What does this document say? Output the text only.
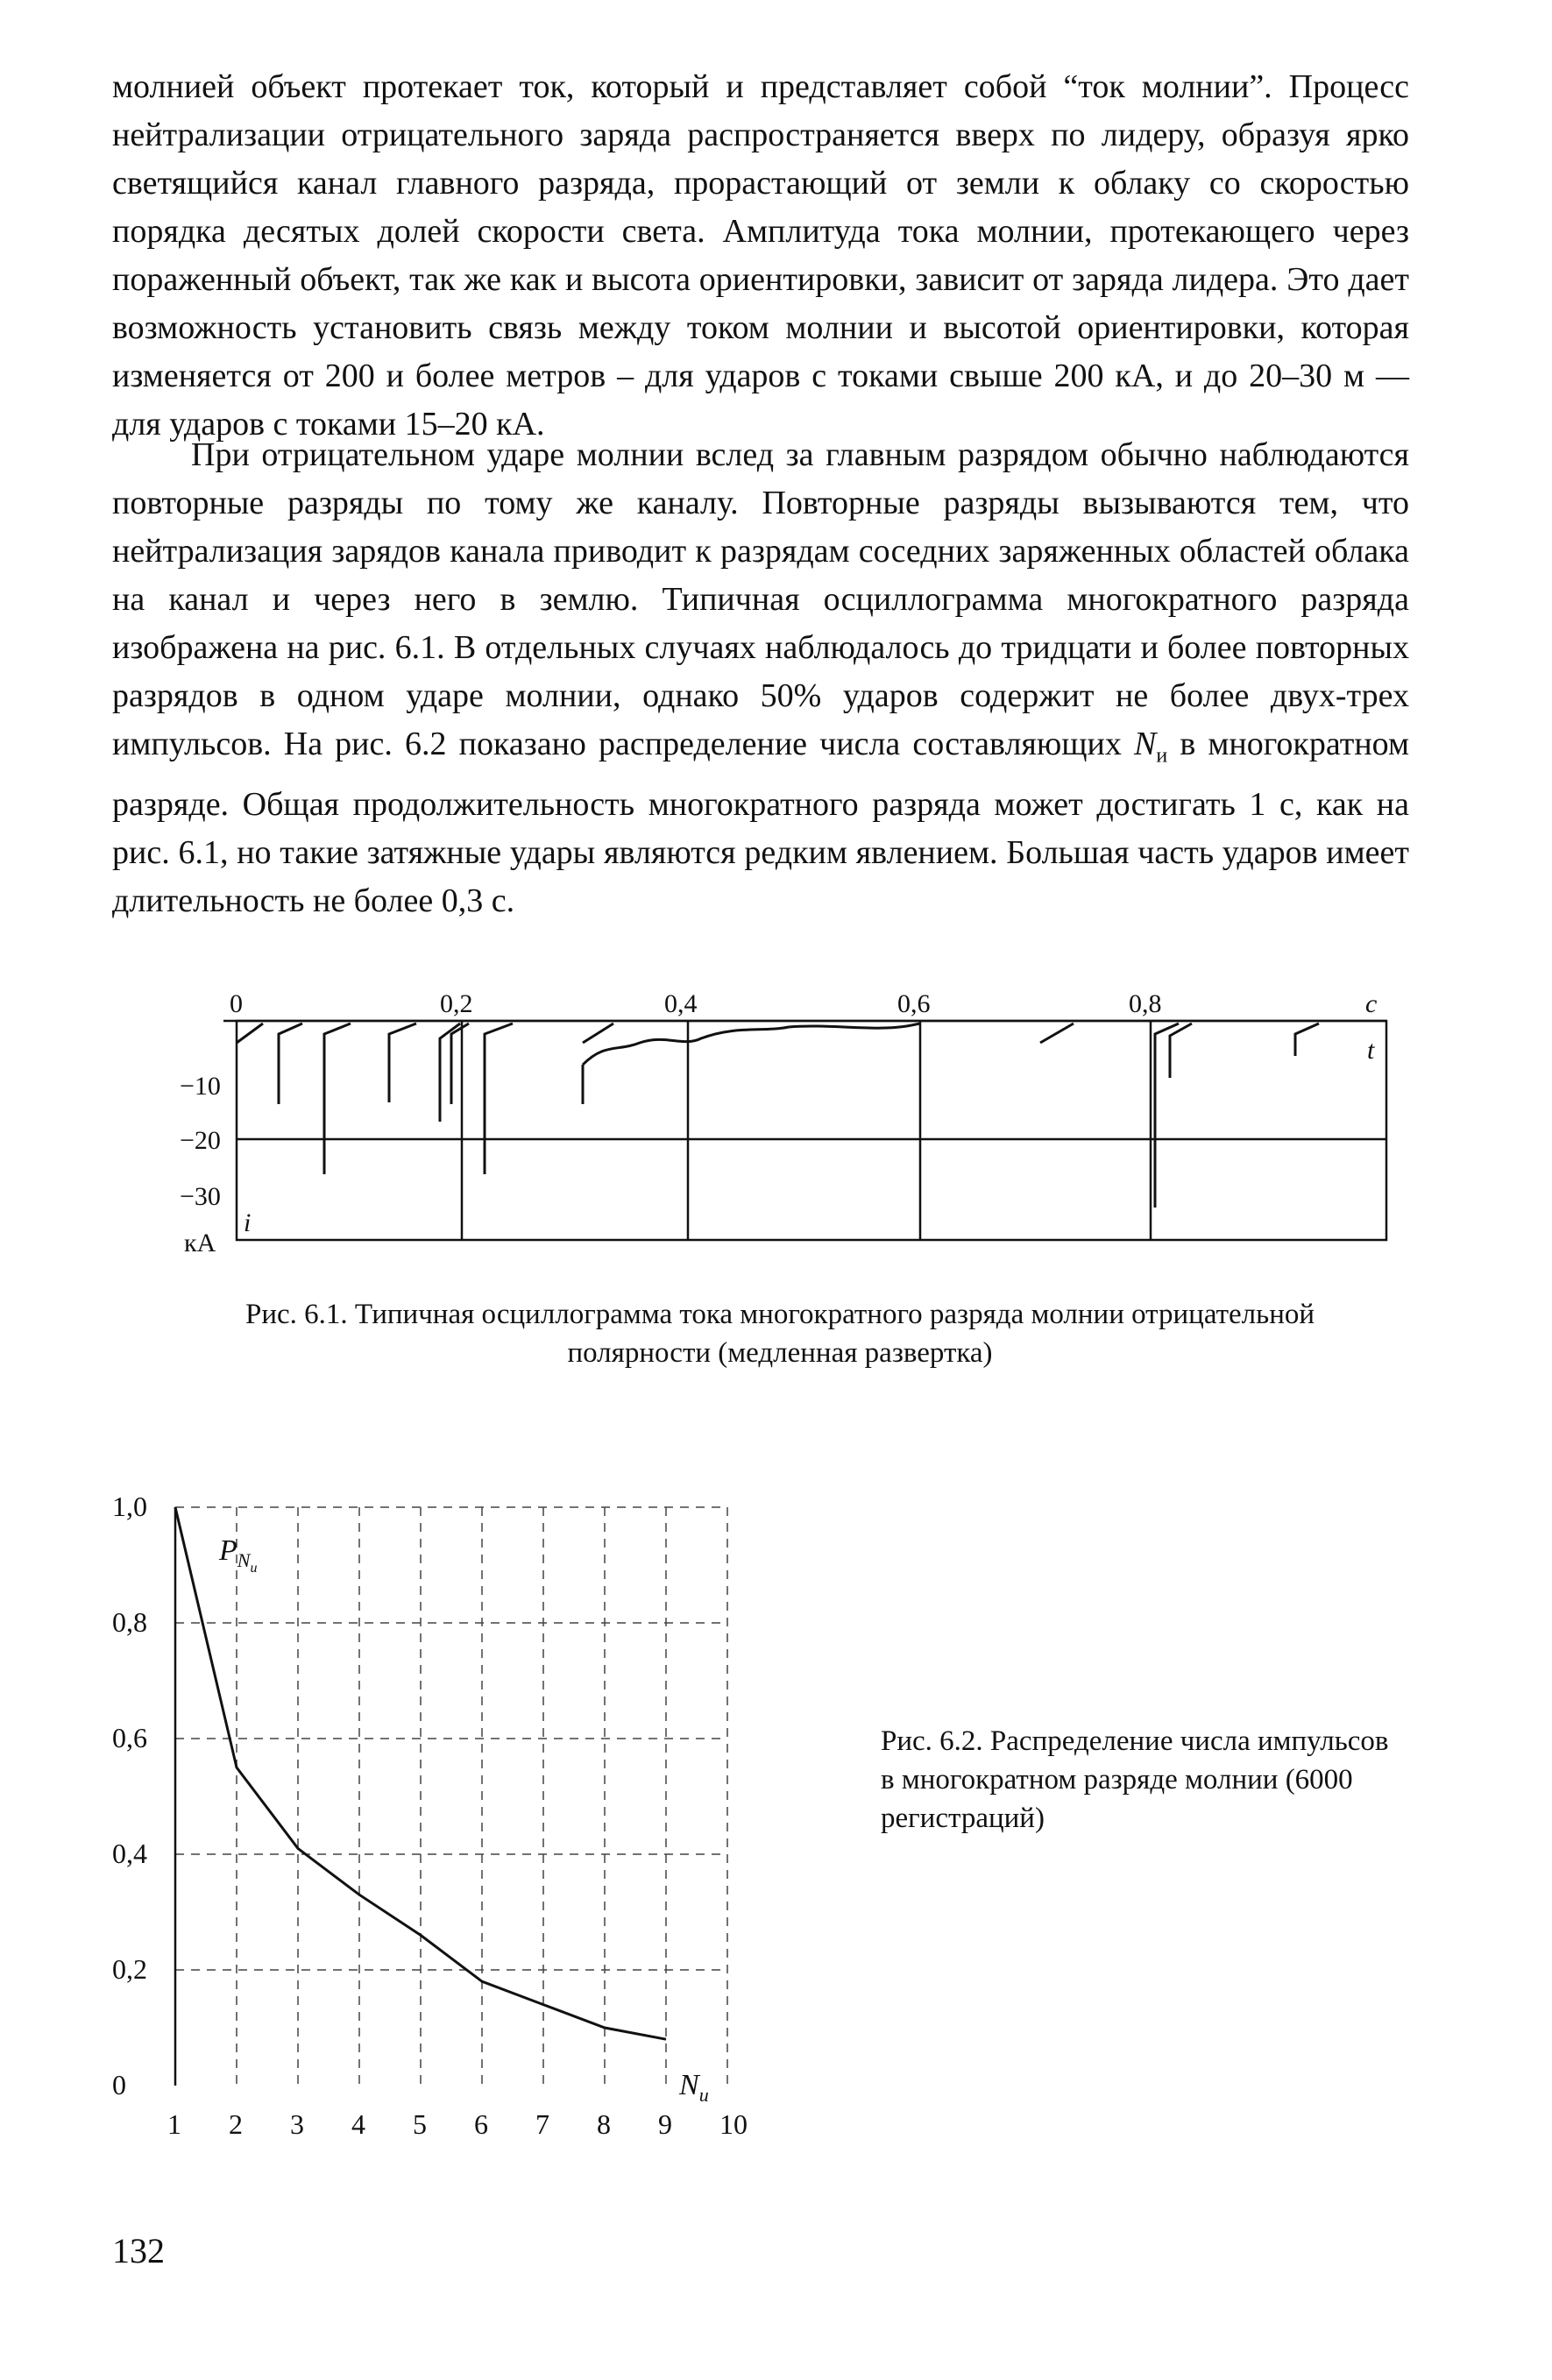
молнией объект протекает ток, который и представляет собой “ток молнии”. Процесс нейтрализации отрицательного заряда распространяется вверх по лидеру, образуя ярко светящийся канал главного разряда, прорастающий от земли к облаку со скоростью порядка десятых долей скорости света. Амплитуда тока молнии, протекающего через пораженный объект, так же как и высота ориентировки, зависит от заряда лидера. Это дает возможность установить связь между током молнии и высотой ориентировки, которая изменяется от 200 и более метров – для ударов с токами свыше 200 кА, и до 20–30 м — для ударов с токами 15–20 кА.

При отрицательном ударе молнии вслед за главным разрядом обычно наблюдаются повторные разряды по тому же каналу. Повторные разряды вызываются тем, что нейтрализация зарядов канала приводит к разрядам соседних заряженных областей облака на канал и через него в землю. Типичная осциллограмма многократного разряда изображена на рис. 6.1. В отдельных случаях наблюдалось до тридцати и более повторных разрядов в одном ударе молнии, однако 50% ударов содержит не более двух-трех импульсов. На рис. 6.2 показано распределение числа составляющих $N_и$ в многократном разряде. Общая продолжительность многократного разряда может достигать 1 с, как на рис. 6.1, но такие затяжные удары являются редким явлением. Большая часть ударов имеет длительность не более 0,3 с.

0	0,2	0,4	0,6	0,8	с
−10
−20
−30
кА
t
i

Рис. 6.1. Типичная осциллограмма тока многократного разряда молнии отрицательной полярности (медленная развертка)

0
0,2
0,4
0,6
0,8
1,0
1 2 3 4 5 6 7 8 9 10
$P_Nи$
$N_и$

Рис. 6.2. Распределение числа импульсов в многократном разряде молнии (6000 регистраций)

132
